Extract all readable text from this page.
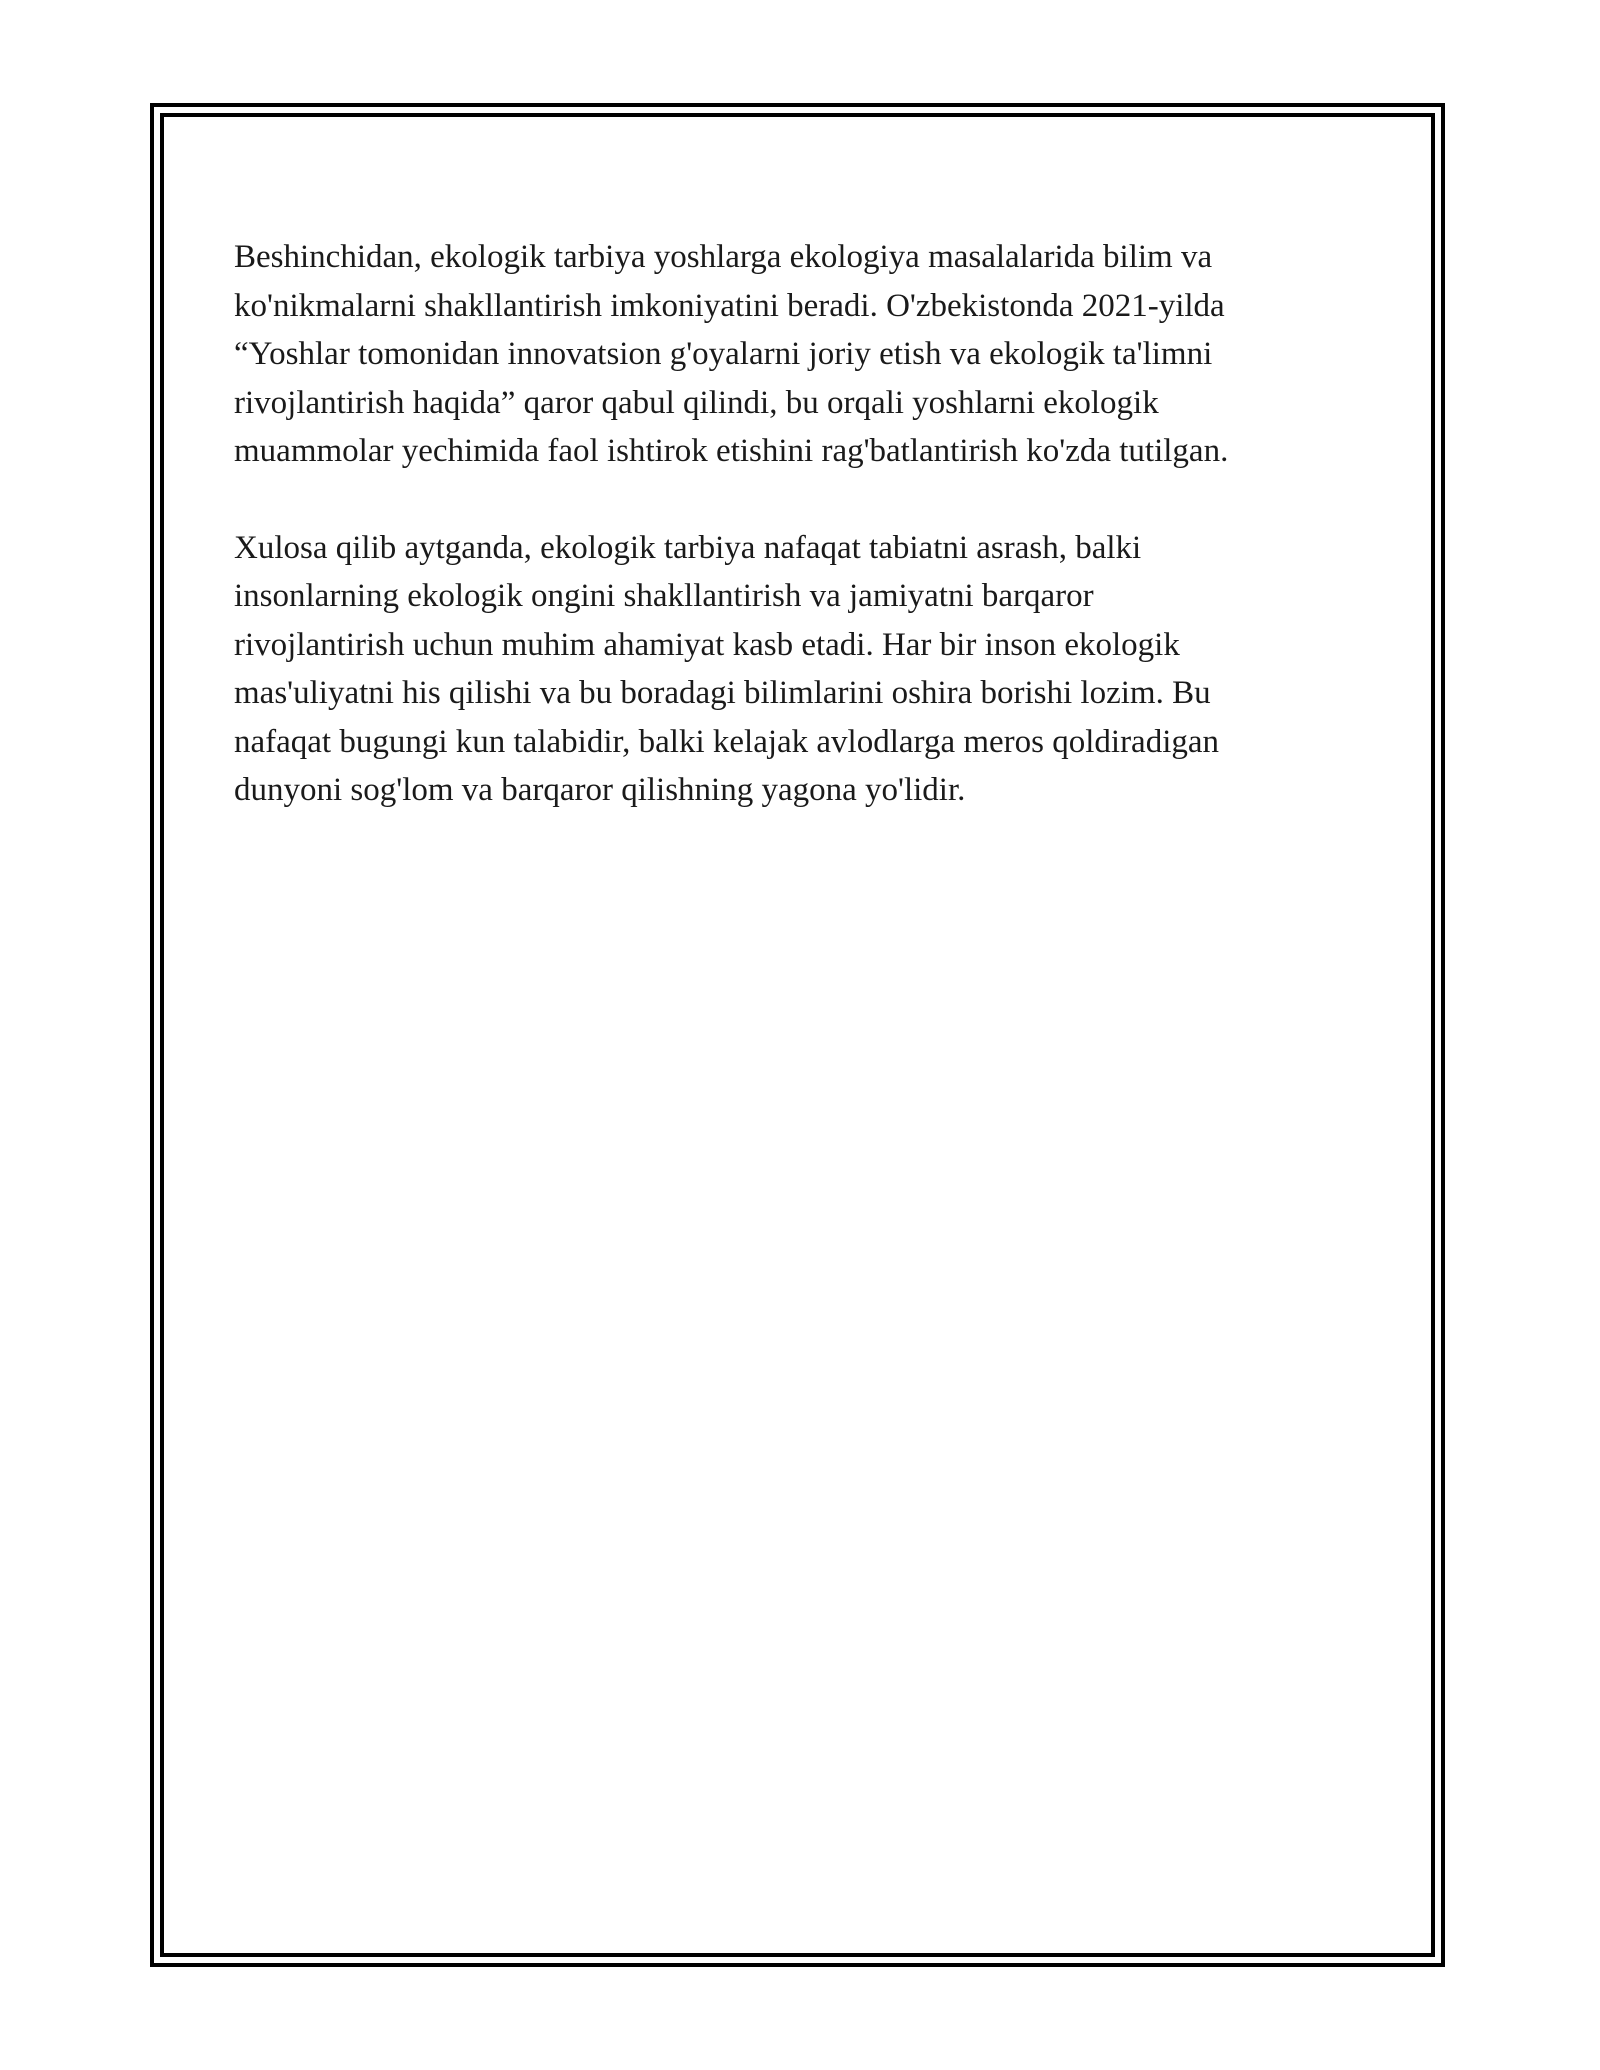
Beshinchidan, ekologik tarbiya yoshlarga ekologiya masalalarida bilim va
ko'nikmalarni shakllantirish imkoniyatini beradi. O'zbekistonda 2021-yilda
“Yoshlar tomonidan innovatsion g'oyalarni joriy etish va ekologik ta'limni
rivojlantirish haqida” qaror qabul qilindi, bu orqali yoshlarni ekologik
muammolar yechimida faol ishtirok etishini rag'batlantirish ko'zda tutilgan.

Xulosa qilib aytganda, ekologik tarbiya nafaqat tabiatni asrash, balki
insonlarning ekologik ongini shakllantirish va jamiyatni barqaror
rivojlantirish uchun muhim ahamiyat kasb etadi. Har bir inson ekologik
mas'uliyatni his qilishi va bu boradagi bilimlarini oshira borishi lozim. Bu
nafaqat bugungi kun talabidir, balki kelajak avlodlarga meros qoldiradigan
dunyoni sog'lom va barqaror qilishning yagona yo'lidir.
